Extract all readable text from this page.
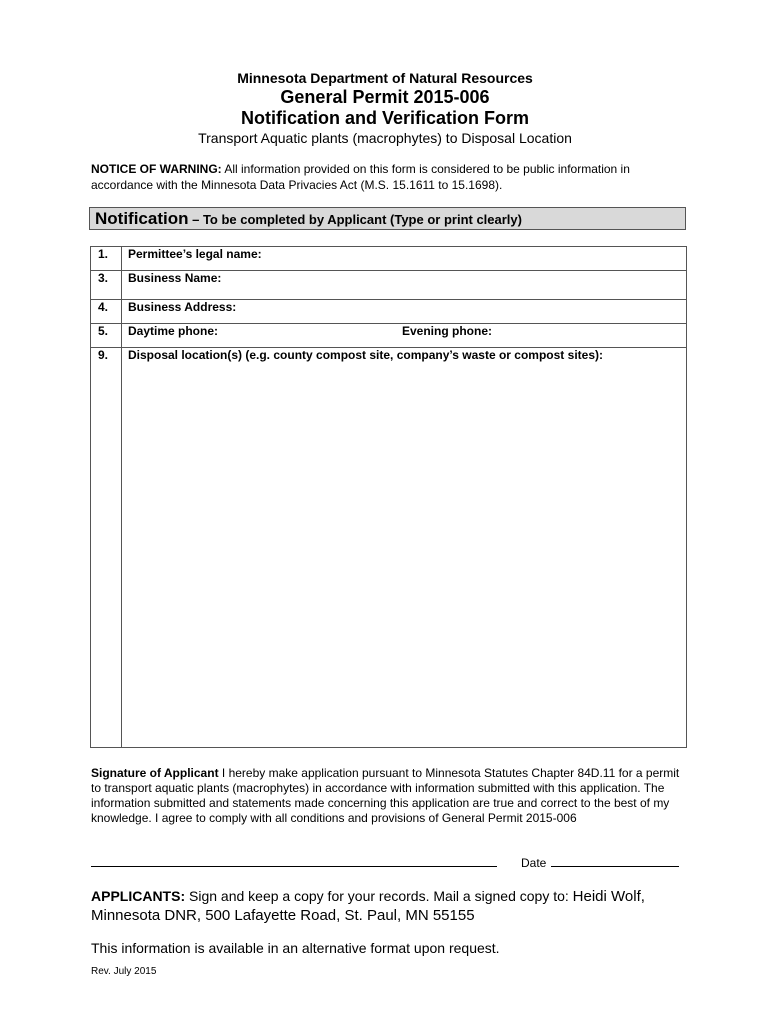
Minnesota Department of Natural Resources
General Permit 2015-006
Notification and Verification Form
Transport Aquatic plants (macrophytes) to Disposal Location
NOTICE OF WARNING: All information provided on this form is considered to be public information in accordance with the Minnesota Data Privacies Act (M.S. 15.1611 to 15.1698).
Notification – To be completed by Applicant (Type or print clearly)
1.	Permittee’s legal name:
3.	Business Name:
4.	Business Address:
5.	Daytime phone: Evening phone:

9.	Disposal location(s) (e.g. county compost site, company’s waste or compost sites):
Signature of Applicant I hereby make application pursuant to Minnesota Statutes Chapter 84D.11 for a permit to transport aquatic plants (macrophytes) in accordance with information submitted with this application. The information submitted and statements made concerning this application are true and correct to the best of my knowledge. I agree to comply with all conditions and provisions of General Permit 2015-006
Date
APPLICANTS: Sign and keep a copy for your records. Mail a signed copy to: Heidi Wolf,
Minnesota DNR, 500 Lafayette Road, St. Paul, MN 55155
This information is available in an alternative format upon request.
Rev. July 2015
